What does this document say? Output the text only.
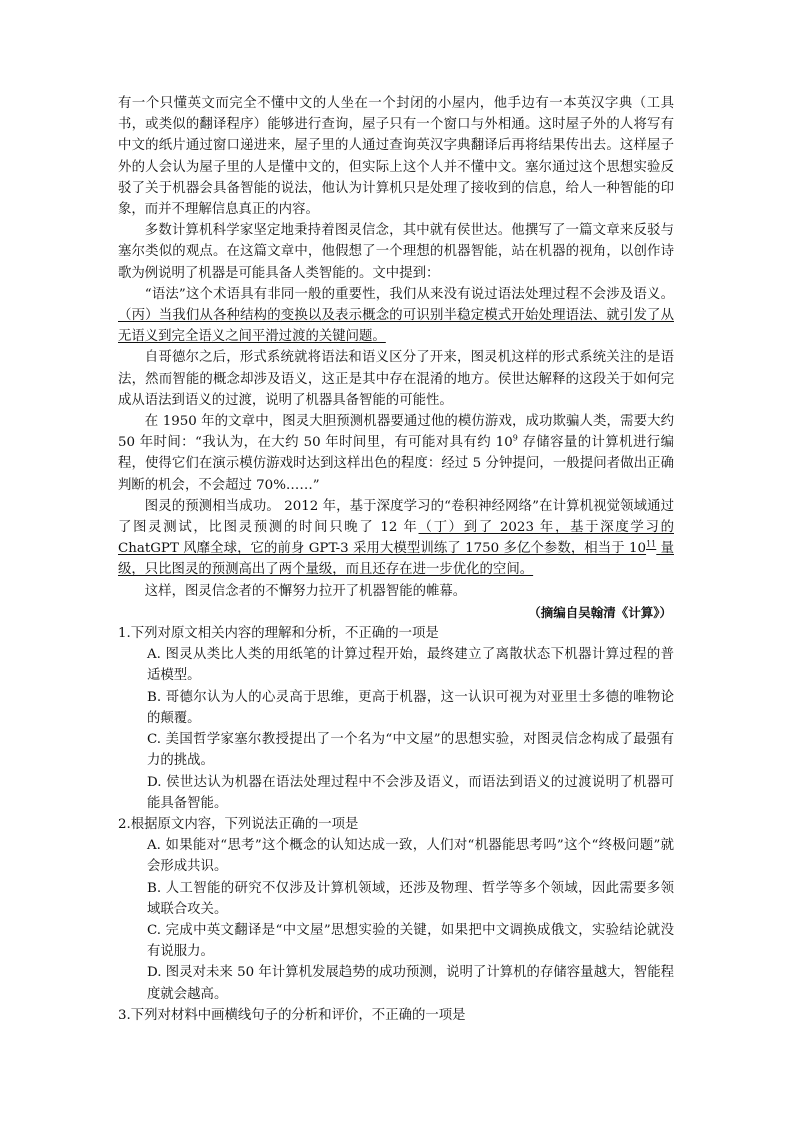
有一个只懂英文而完全不懂中文的人坐在一个封闭的小屋内，他手边有一本英汉字典（工具书，或类似的翻译程序）能够进行查询，屋子只有一个窗口与外相通。这时屋子外的人将写有中文的纸片通过窗口递进来，屋子里的人通过查询英汉字典翻译后再将结果传出去。这样屋子外的人会认为屋子里的人是懂中文的，但实际上这个人并不懂中文。塞尔通过这个思想实验反驳了关于机器会具备智能的说法，他认为计算机只是处理了接收到的信息，给人一种智能的印象，而并不理解信息真正的内容。

多数计算机科学家坚定地秉持着图灵信念，其中就有侯世达。他撰写了一篇文章来反驳与塞尔类似的观点。在这篇文章中，他假想了一个理想的机器智能，站在机器的视角，以创作诗歌为例说明了机器是可能具备人类智能的。文中提到：

“语法”这个术语具有非同一般的重要性，我们从来没有说过语法处理过程不会涉及语义。（丙）当我们从各种结构的变换以及表示概念的可识别半稳定模式开始处理语法、就引发了从无语义到完全语义之间平滑过渡的关键问题。

自哥德尔之后，形式系统就将语法和语义区分了开来，图灵机这样的形式系统关注的是语法，然而智能的概念却涉及语义，这正是其中存在混淆的地方。侯世达解释的这段关于如何完成从语法到语义的过渡，说明了机器具备智能的可能性。

在 1950 年的文章中，图灵大胆预测机器要通过他的模仿游戏，成功欺骗人类，需要大约 50 年时间：“我认为，在大约 50 年时间里，有可能对具有约 $10^9$ 存储容量的计算机进行编程，使得它们在演示模仿游戏时达到这样出色的程度：经过 5 分钟提问，一般提问者做出正确判断的机会，不会超过 70%……”

图灵的预测相当成功。 2012 年，基于深度学习的“卷积神经网络”在计算机视觉领域通过了图灵测试，比图灵预测的时间只晚了 12 年（丁）到了 2023 年，基于深度学习的 ChatGPT 风靡全球，它的前身 GPT-3 采用大模型训练了 1750 多亿个参数，相当于 $10^{11}$ 量级，只比图灵的预测高出了两个量级，而且还存在进一步优化的空间。

这样，图灵信念者的不懈努力拉开了机器智能的帷幕。

（摘编自吴翰清《计算》）

1.下列对原文相关内容的理解和分析，不正确的一项是

A. 图灵从类比人类的用纸笔的计算过程开始，最终建立了离散状态下机器计算过程的普适模型。

B. 哥德尔认为人的心灵高于思维，更高于机器，这一认识可视为对亚里士多德的唯物论的颠覆。

C. 美国哲学家塞尔教授提出了一个名为“中文屋”的思想实验，对图灵信念构成了最强有力的挑战。

D. 侯世达认为机器在语法处理过程中不会涉及语义，而语法到语义的过渡说明了机器可能具备智能。

2.根据原文内容，下列说法正确的一项是

A. 如果能对“思考”这个概念的认知达成一致，人们对“机器能思考吗”这个“终极问题”就会形成共识。

B. 人工智能的研究不仅涉及计算机领域，还涉及物理、哲学等多个领域，因此需要多领域联合攻关。

C. 完成中英文翻译是“中文屋”思想实验的关键，如果把中文调换成俄文，实验结论就没有说服力。

D. 图灵对未来 50 年计算机发展趋势的成功预测，说明了计算机的存储容量越大，智能程度就会越高。

3.下列对材料中画横线句子的分析和评价，不正确的一项是
